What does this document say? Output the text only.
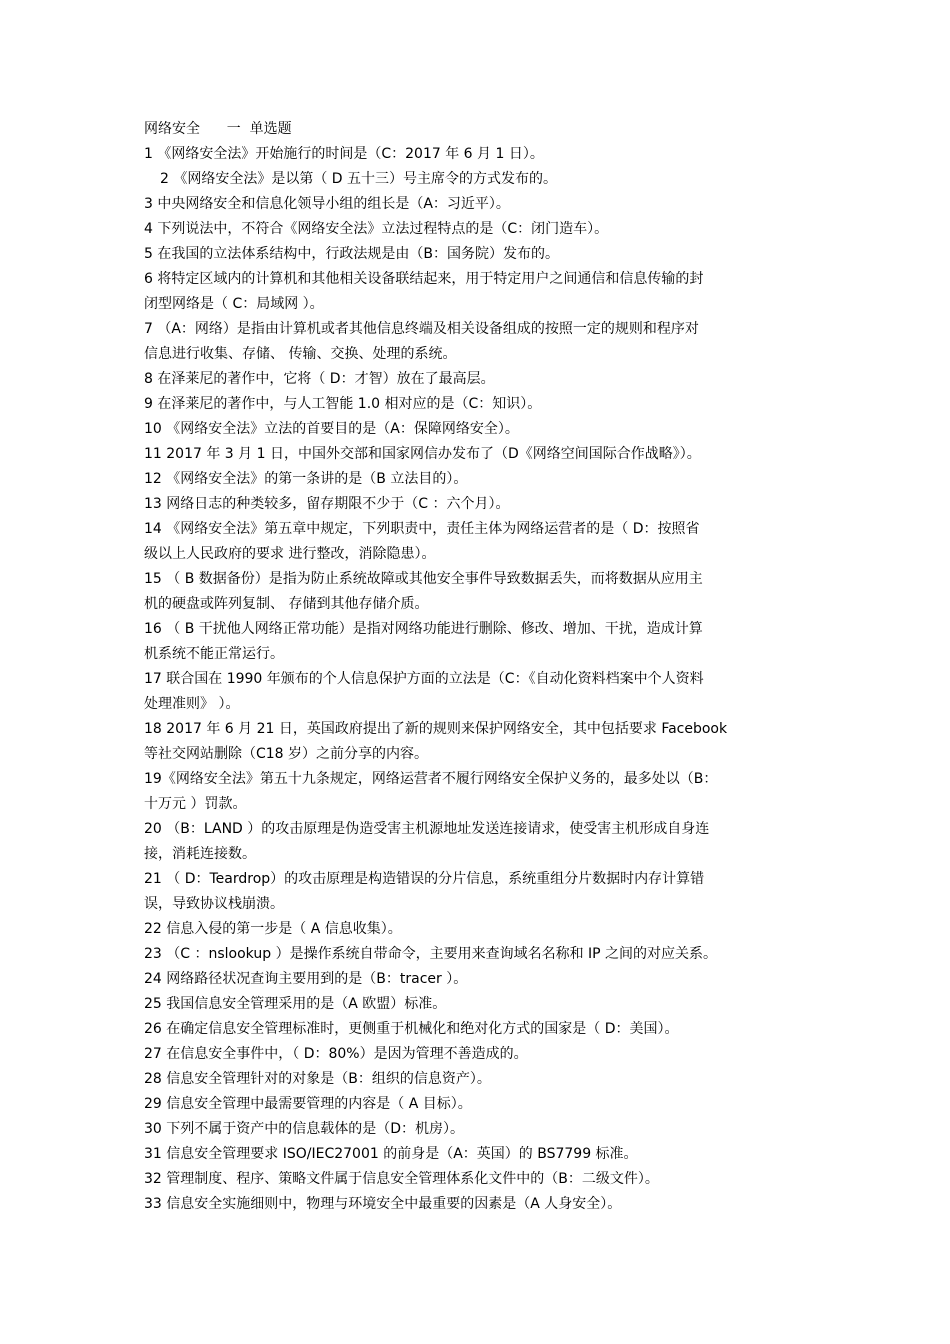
网络安全      一  单选题
1 《网络安全法》开始施行的时间是（C：2017 年 6 月 1 日）。
2 《网络安全法》是以第（ D 五十三）号主席令的方式发布的。
3 中央网络安全和信息化领导小组的组长是（A：习近平）。
4 下列说法中，不符合《网络安全法》立法过程特点的是（C：闭门造车）。
5 在我国的立法体系结构中，行政法规是由（B：国务院）发布的。
6 将特定区域内的计算机和其他相关设备联结起来，用于特定用户之间通信和信息传输的封
闭型网络是（ C：局域网 ）。
7 （A：网络）是指由计算机或者其他信息终端及相关设备组成的按照一定的规则和程序对
信息进行收集、存储、 传输、交换、处理的系统。
8 在泽莱尼的著作中，它将（ D：才智）放在了最高层。
9 在泽莱尼的著作中，与人工智能 1.0 相对应的是（C：知识）。
10 《网络安全法》立法的首要目的是（A：保障网络安全）。
11 2017 年 3 月 1 日，中国外交部和国家网信办发布了（D《网络空间国际合作战略》）。
12 《网络安全法》的第一条讲的是（B 立法目的）。
13 网络日志的种类较多，留存期限不少于（C ：六个月）。
14 《网络安全法》第五章中规定，下列职责中，责任主体为网络运营者的是（ D：按照省
级以上人民政府的要求 进行整改，消除隐患）。
15 （ B 数据备份）是指为防止系统故障或其他安全事件导致数据丢失，而将数据从应用主
机的硬盘或阵列复制、 存储到其他存储介质。
16 （ B 干扰他人网络正常功能）是指对网络功能进行删除、修改、增加、干扰，造成计算
机系统不能正常运行。
17 联合国在 1990 年颁布的个人信息保护方面的立法是（C：《自动化资料档案中个人资料
处理准则》 ）。
18 2017 年 6 月 21 日，英国政府提出了新的规则来保护网络安全，其中包括要求 Facebook
等社交网站删除（C18 岁）之前分享的内容。
19《网络安全法》第五十九条规定，网络运营者不履行网络安全保护义务的，最多处以（B：
十万元 ）罚款。
20 （B：LAND ）的攻击原理是伪造受害主机源地址发送连接请求，使受害主机形成自身连
接，消耗连接数。
21 （ D：Teardrop）的攻击原理是构造错误的分片信息，系统重组分片数据时内存计算错
误，导致协议栈崩溃。
22 信息入侵的第一步是（ A 信息收集）。
23 （C ：nslookup ）是操作系统自带命令，主要用来查询域名名称和 IP 之间的对应关系。
24 网络路径状况查询主要用到的是（B：tracer ）。
25 我国信息安全管理采用的是（A 欧盟）标准。
26 在确定信息安全管理标准时，更侧重于机械化和绝对化方式的国家是（ D：美国）。
27 在信息安全事件中，（ D：80%）是因为管理不善造成的。
28 信息安全管理针对的对象是（B：组织的信息资产）。
29 信息安全管理中最需要管理的内容是（ A 目标）。
30 下列不属于资产中的信息载体的是（D：机房）。
31 信息安全管理要求 ISO/IEC27001 的前身是（A：英国）的 BS7799 标准。
32 管理制度、程序、策略文件属于信息安全管理体系化文件中的（B：二级文件）。
33 信息安全实施细则中，物理与环境安全中最重要的因素是（A 人身安全）。
